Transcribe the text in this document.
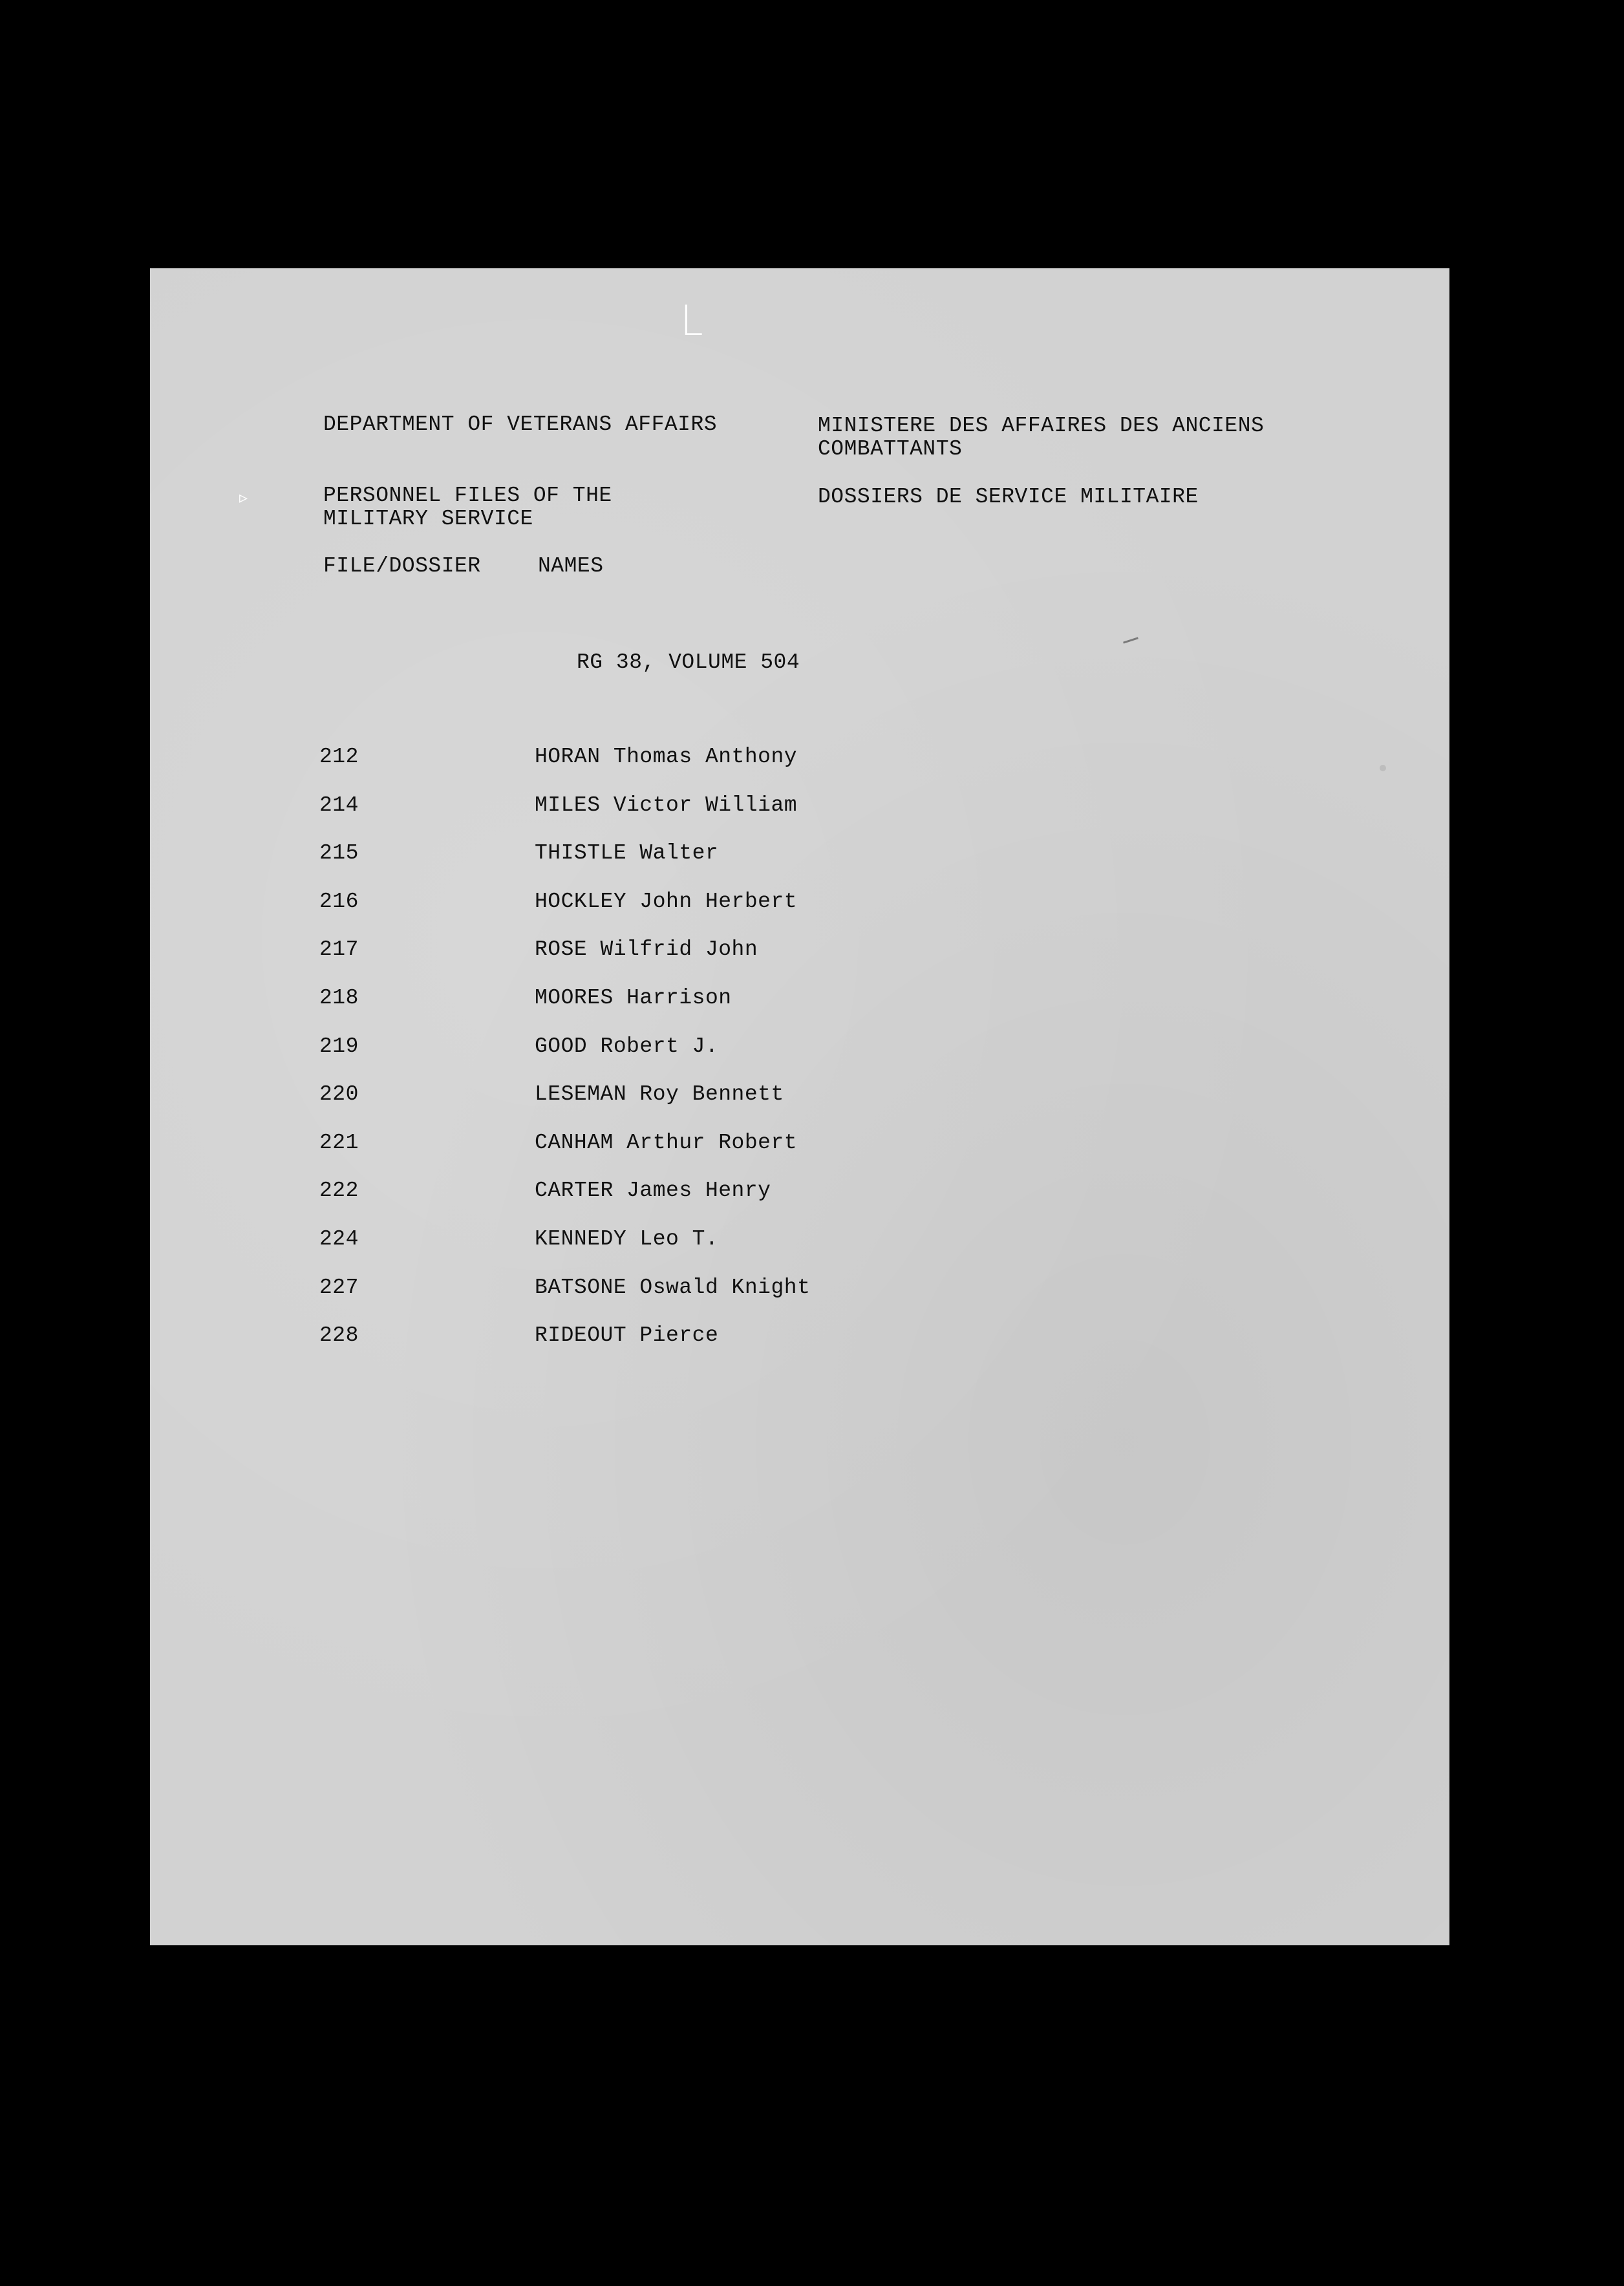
L
▹
DEPARTMENT OF VETERANS AFFAIRS	MINISTERE DES AFFAIRES DES ANCIENS
COMBATTANTS
PERSONNEL FILES OF THE
MILITARY SERVICE
DOSSIERS DE SERVICE MILITAIRE
FILE/DOSSIER	NAMES
RG 38, VOLUME 504
212	HORAN Thomas Anthony
214	MILES Victor William
215	THISTLE Walter
216	HOCKLEY John Herbert
217	ROSE Wilfrid John
218	MOORES Harrison
219	GOOD Robert J.
220	LESEMAN Roy Bennett
221	CANHAM Arthur Robert
222	CARTER James Henry
224	KENNEDY Leo T.
227	BATSONE Oswald Knight
228	RIDEOUT Pierce
